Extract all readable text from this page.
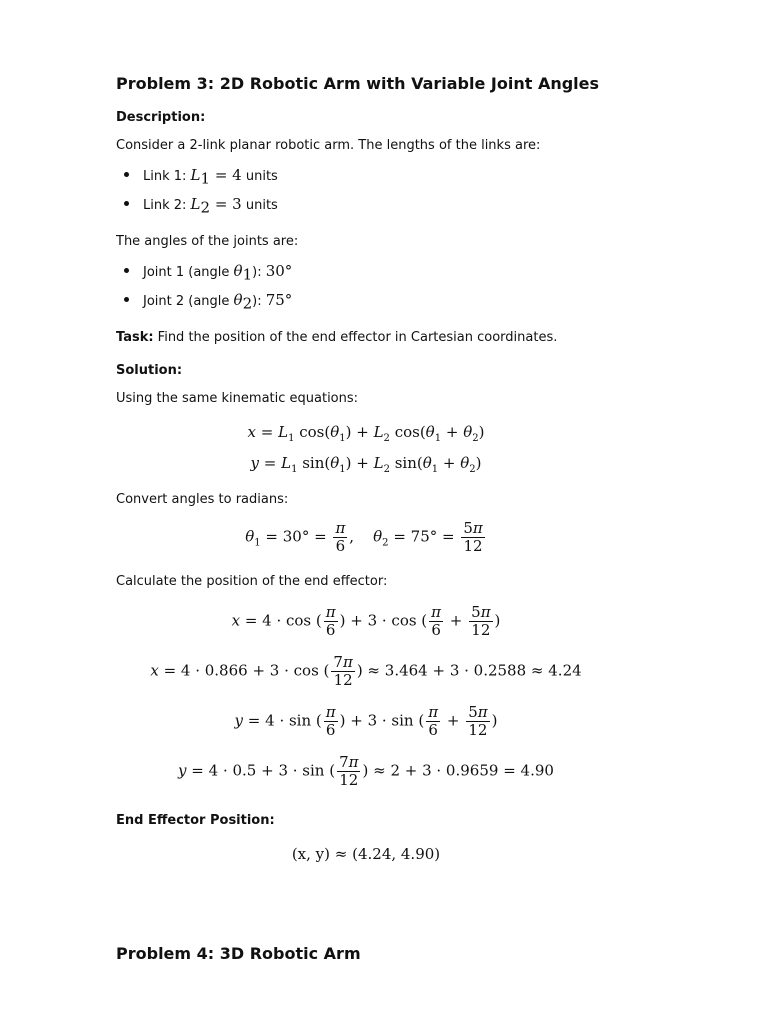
Problem 3: 2D Robotic Arm with Variable Joint Angles
Description:
Consider a 2-link planar robotic arm. The lengths of the links are:
Link 1: $L_1 = 4$ units
Link 2: $L_2 = 3$ units
The angles of the joints are:
Joint 1 (angle $\theta_1$): 30°
Joint 2 (angle $\theta_2$): 75°
Task: Find the position of the end effector in Cartesian coordinates.
Solution:
Using the same kinematic equations:
$x = L_1$ $\cos(\theta_1) + L_2$ $\cos(\theta_1 + \theta_2)$
$y = L_1$ $\sin(\theta_1) + L_2$ $\sin(\theta_1 + \theta_2)$
Convert angles to radians:
$\theta_1 = 30^\circ = \frac{\pi}{6}$ ,    $\theta_2 = 75^\circ = \frac{5\pi}{12}$
Calculate the position of the end effector:
x = 4 · cos ( $\frac{\pi}{6}$ ) + 3 · cos ( $\frac{\pi}{6} + \frac{5\pi}{12}$ )
x = 4 · 0.866 + 3 · cos ( $\frac{7\pi}{12}$ ) ≈ 3.464 + 3 · 0.2588 ≈ 4.24
y = 4 · sin ( $\frac{\pi}{6}$ ) + 3 · sin ( $\frac{\pi}{6} + \frac{5\pi}{12}$ )
y = 4 · 0.5 + 3 · sin ( $\frac{7\pi}{12}$ ) ≈ 2 + 3 · 0.9659 = 4.90
End Effector Position:
(x, y) ≈ (4.24, 4.90)
Problem 4: 3D Robotic Arm
